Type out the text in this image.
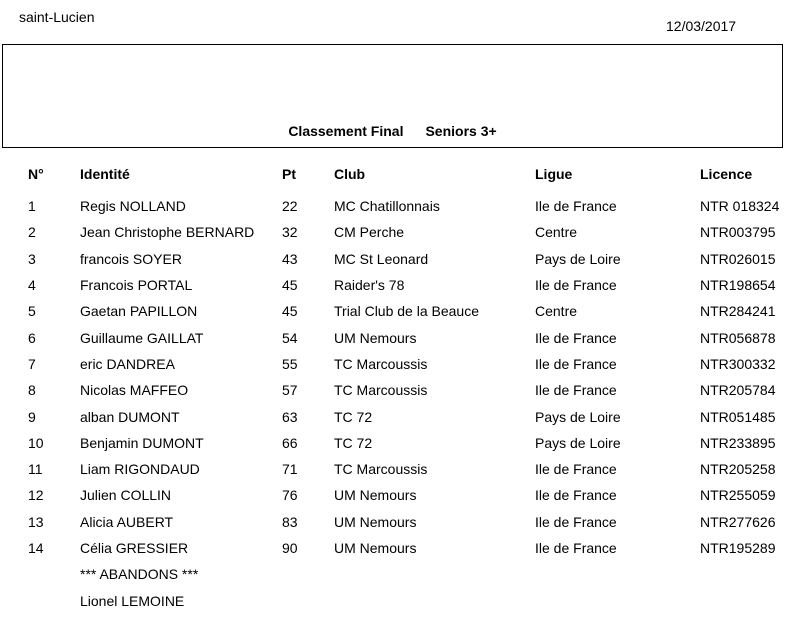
saint-Lucien
12/03/2017
Classement Final Seniors 3+
N°	Identité	Pt	Club	Ligue	Licence
1	Regis NOLLAND	22	MC Chatillonnais	Ile de France	NTR 018324
2	Jean Christophe BERNARD	32	CM Perche	Centre	NTR003795
3	francois SOYER	43	MC St Leonard	Pays de Loire	NTR026015
4	Francois PORTAL	45	Raider's 78	Ile de France	NTR198654
5	Gaetan PAPILLON	45	Trial Club de la Beauce	Centre	NTR284241
6	Guillaume GAILLAT	54	UM Nemours	Ile de France	NTR056878
7	eric DANDREA	55	TC Marcoussis	Ile de France	NTR300332
8	Nicolas MAFFEO	57	TC Marcoussis	Ile de France	NTR205784
9	alban DUMONT	63	TC 72	Pays de Loire	NTR051485
10	Benjamin DUMONT	66	TC 72	Pays de Loire	NTR233895
11	Liam RIGONDAUD	71	TC Marcoussis	Ile de France	NTR205258
12	Julien COLLIN	76	UM Nemours	Ile de France	NTR255059
13	Alicia AUBERT	83	UM Nemours	Ile de France	NTR277626
14	Célia GRESSIER	90	UM Nemours	Ile de France	NTR195289
	*** ABANDONS ***				
	Lionel LEMOINE				
